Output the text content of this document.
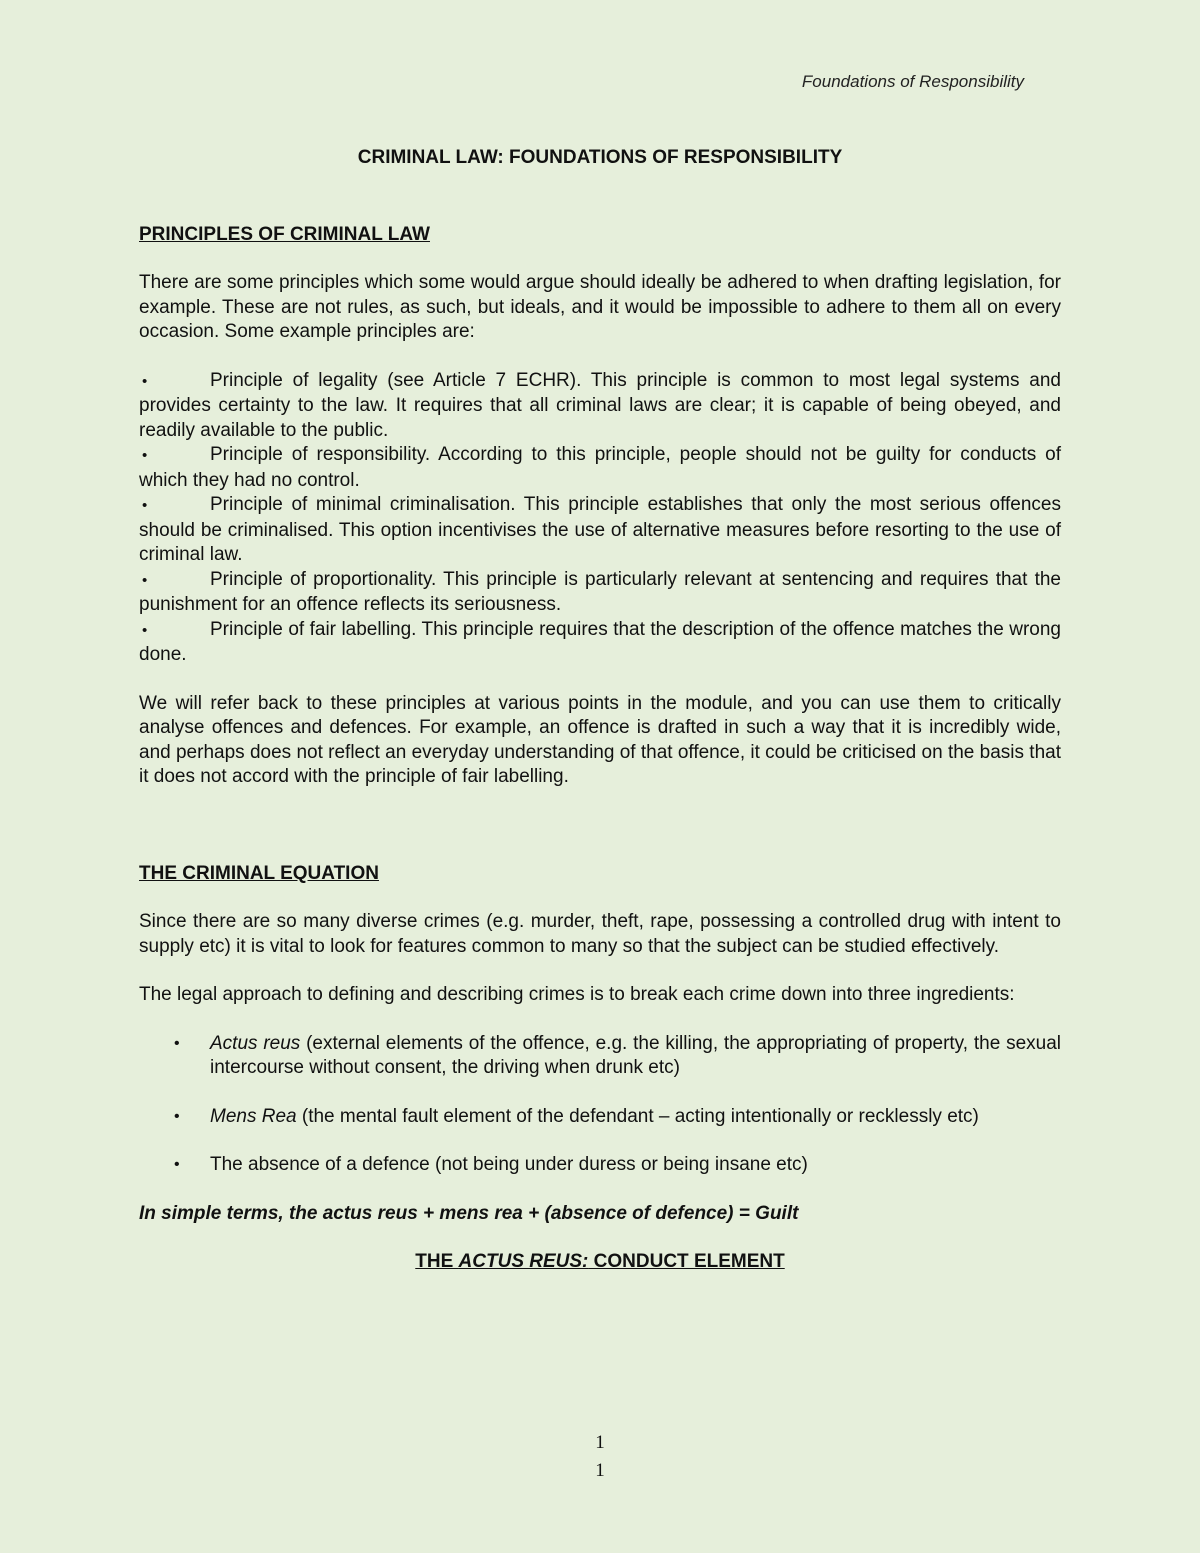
Foundations of Responsibility

CRIMINAL LAW: FOUNDATIONS OF RESPONSIBILITY

PRINCIPLES OF CRIMINAL LAW

There are some principles which some would argue should ideally be adhered to when drafting legislation, for example. These are not rules, as such, but ideals, and it would be impossible to adhere to them all on every occasion. Some example principles are:

•	Principle of legality (see Article 7 ECHR). This principle is common to most legal systems and provides certainty to the law. It requires that all criminal laws are clear; it is capable of being obeyed, and readily available to the public.

•	Principle of responsibility. According to this principle, people should not be guilty for conducts of which they had no control.

•	Principle of minimal criminalisation. This principle establishes that only the most serious offences should be criminalised. This option incentivises the use of alternative measures before resorting to the use of criminal law.

•	Principle of proportionality. This principle is particularly relevant at sentencing and requires that the punishment for an offence reflects its seriousness.

•	Principle of fair labelling. This principle requires that the description of the offence matches the wrong done.

We will refer back to these principles at various points in the module, and you can use them to critically analyse offences and defences. For example, an offence is drafted in such a way that it is incredibly wide, and perhaps does not reflect an everyday understanding of that offence, it could be criticised on the basis that it does not accord with the principle of fair labelling.

THE CRIMINAL EQUATION

Since there are so many diverse crimes (e.g. murder, theft, rape, possessing a controlled drug with intent to supply etc) it is vital to look for features common to many so that the subject can be studied effectively.

The legal approach to defining and describing crimes is to break each crime down into three ingredients:

• Actus reus (external elements of the offence, e.g. the killing, the appropriating of property, the sexual intercourse without consent, the driving when drunk etc)
• Mens Rea (the mental fault element of the defendant – acting intentionally or recklessly etc)
• The absence of a defence (not being under duress or being insane etc)

In simple terms, the actus reus + mens rea + (absence of defence) = Guilt

THE ACTUS REUS: CONDUCT ELEMENT

1
1
